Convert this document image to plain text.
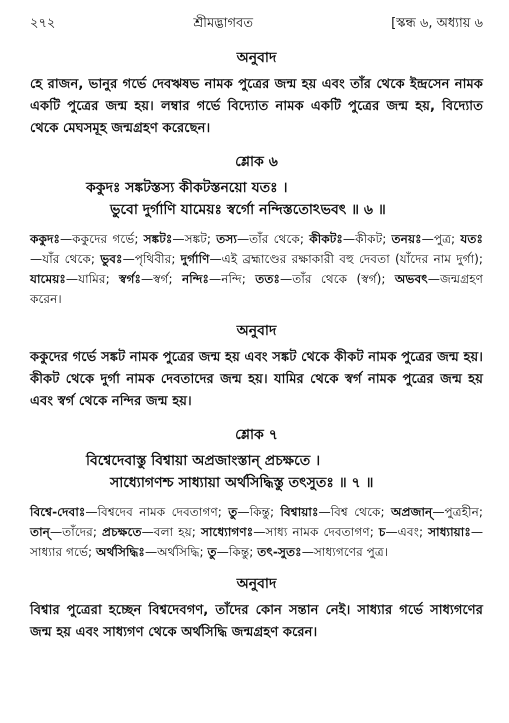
২৭২	শ্রীমদ্ভাগবত	[স্কন্ধ ৬, অধ্যায় ৬
অনুবাদ

হে রাজন, ভানুর গর্ভে দেবঋষভ নামক পুত্রের জন্ম হয় এবং তাঁর থেকে ইন্দ্রসেন নামক একটি পুত্রের জন্ম হয়। লম্বার গর্ভে বিদ্যোত নামক একটি পুত্রের জন্ম হয়, বিদ্যোত থেকে মেঘসমূহ জন্মগ্রহণ করেছেন।

শ্লোক ৬
ককুদঃ সঙ্কটস্তস্য কীকটস্তনয়ো যতঃ ।
ভুবো দুর্গাণি যামেয়ঃ স্বর্গো নন্দিস্ততোঽভবৎ ॥ ৬ ॥

ককুদঃ—ককুদের গর্ভে; সঙ্কটঃ—সঙ্কট; তস্য—তাঁর থেকে; কীকটঃ—কীকট; তনয়ঃ—পুত্র; যতঃ—যাঁর থেকে; ভুবঃ—পৃথিবীর; দুর্গাণি—এই ব্রহ্মাণ্ডের রক্ষাকারী বহু দেবতা (যাঁদের নাম দুর্গা); যামেয়ঃ—যামির; স্বর্গঃ—স্বর্গ; নন্দিঃ—নন্দি; ততঃ—তাঁর থেকে (স্বর্গ); অভবৎ—জন্মগ্রহণ করেন।

অনুবাদ

ককুদের গর্ভে সঙ্কট নামক পুত্রের জন্ম হয় এবং সঙ্কট থেকে কীকট নামক পুত্রের জন্ম হয়। কীকট থেকে দুর্গা নামক দেবতাদের জন্ম হয়। যামির থেকে স্বর্গ নামক পুত্রের জন্ম হয় এবং স্বর্গ থেকে নন্দির জন্ম হয়।

শ্লোক ৭
বিশ্বেদেবাস্তু বিশ্বায়া অপ্রজাংস্তান্ প্রচক্ষতে ।
সাধ্যোগণশ্চ সাধ্যায়া অর্থসিদ্ধিস্তু তৎসুতঃ ॥ ৭ ॥

বিশ্বে-দেবাঃ—বিশ্বদেব নামক দেবতাগণ; তু—কিন্তু; বিশ্বায়াঃ—বিশ্ব থেকে; অপ্রজান্—পুত্রহীন; তান্—তাঁদের; প্রচক্ষতে—বলা হয়; সাধ্যোগণঃ—সাধ্য নামক দেবতাগণ; চ—এবং; সাধ্যায়াঃ—সাধ্যার গর্ভে; অর্থসিদ্ধিঃ—অর্থসিদ্ধি; তু—কিন্তু; তৎ-সুতঃ—সাধ্যগণের পুত্র।

অনুবাদ

বিশ্বার পুত্রেরা হচ্ছেন বিশ্বদেবগণ, তাঁদের কোন সন্তান নেই। সাধ্যার গর্ভে সাধ্যগণের জন্ম হয় এবং সাধ্যগণ থেকে অর্থসিদ্ধি জন্মগ্রহণ করেন।
